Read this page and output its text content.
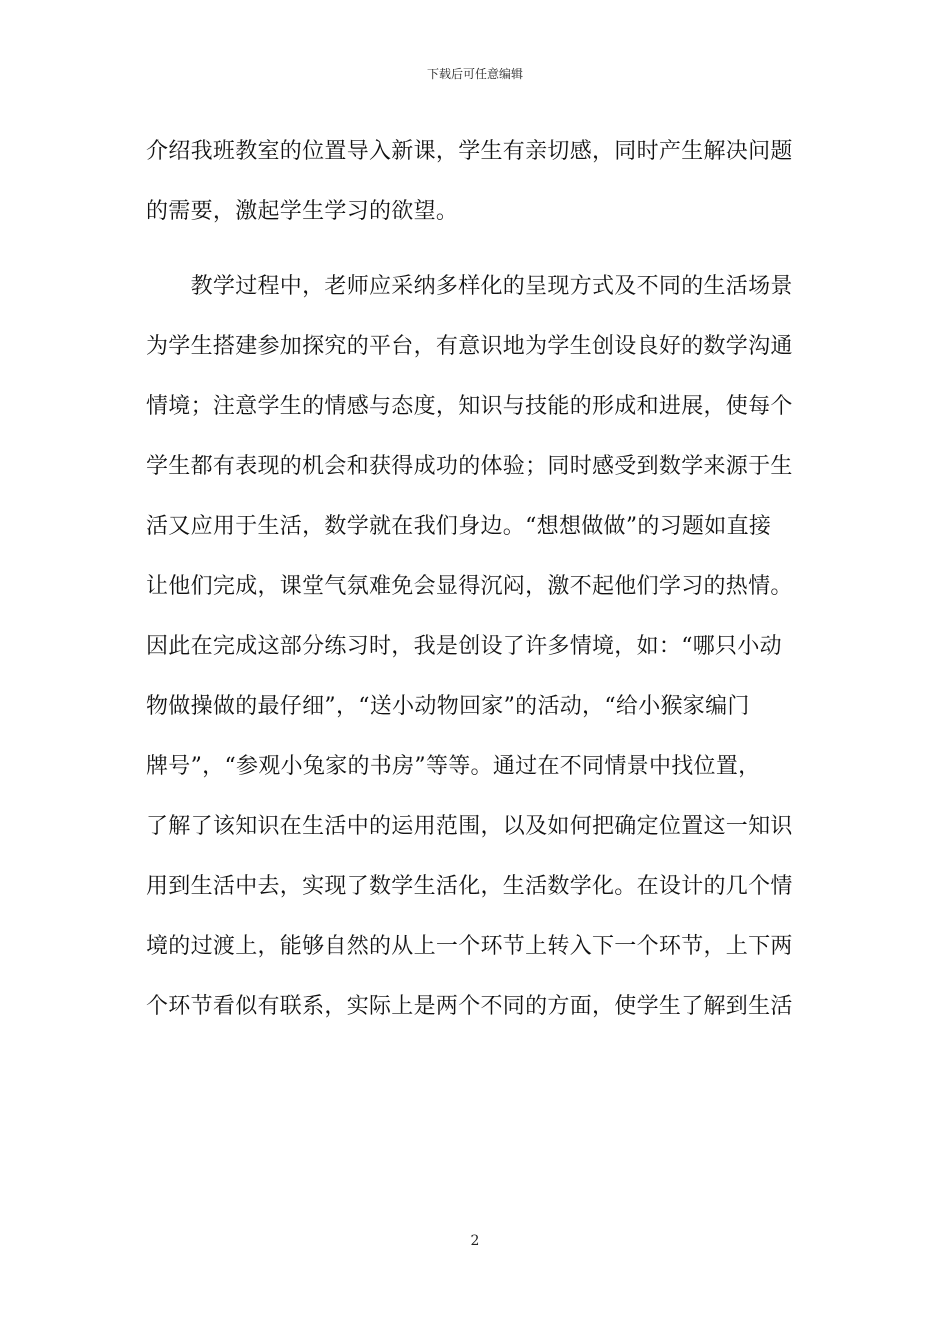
下载后可任意编辑
介绍我班教室的位置导入新课，学生有亲切感，同时产生解决问题
的需要，激起学生学习的欲望。
　　教学过程中，老师应采纳多样化的呈现方式及不同的生活场景
为学生搭建参加探究的平台，有意识地为学生创设良好的数学沟通
情境；注意学生的情感与态度，知识与技能的形成和进展，使每个
学生都有表现的机会和获得成功的体验；同时感受到数学来源于生
活又应用于生活，数学就在我们身边。“想想做做”的习题如直接
让他们完成，课堂气氛难免会显得沉闷，激不起他们学习的热情。
因此在完成这部分练习时，我是创设了许多情境，如：“哪只小动
物做操做的最仔细”，“送小动物回家”的活动，“给小猴家编门
牌号”，“参观小兔家的书房”等等。通过在不同情景中找位置，
了解了该知识在生活中的运用范围，以及如何把确定位置这一知识
用到生活中去，实现了数学生活化，生活数学化。在设计的几个情
境的过渡上，能够自然的从上一个环节上转入下一个环节，上下两
个环节看似有联系，实际上是两个不同的方面，使学生了解到生活
2
